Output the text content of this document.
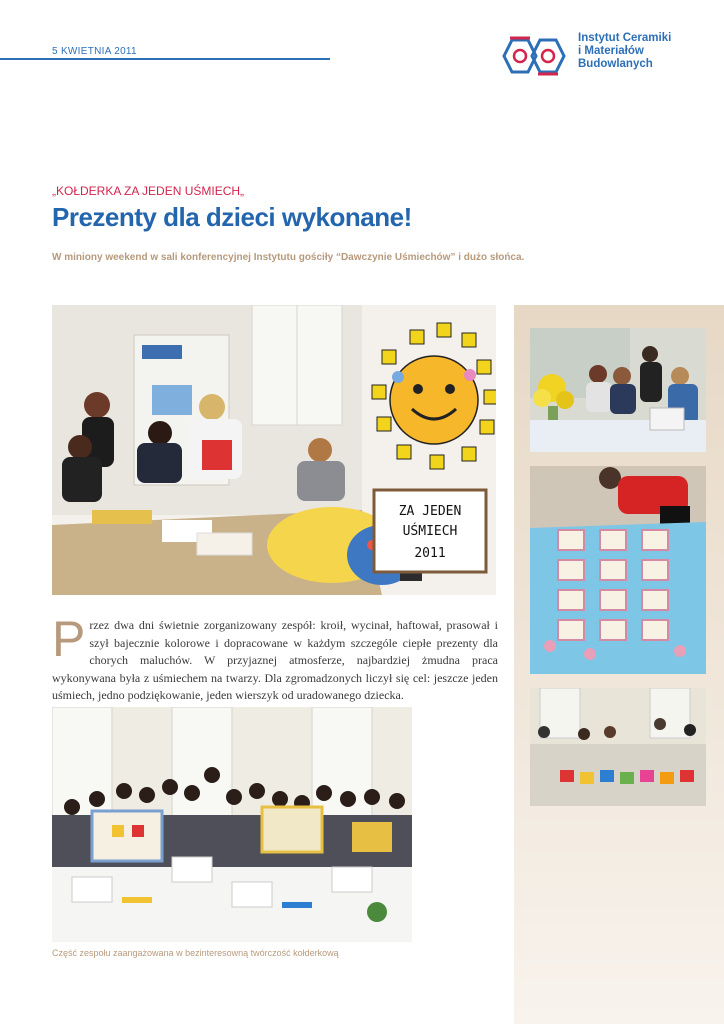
5 KWIETNIA 2011
Instytut Ceramiki
i Materiałów
Budowlanych
„KOŁDERKA ZA JEDEN UŚMIECH„
Prezenty dla dzieci wykonane!
W miniony weekend w sali konferencyjnej Instytutu gościły “Dawczynie Uśmiechów” i dużo słońca.
ZA JEDEN
UŚMIECH
2011
Przez dwa dni świetnie zorganizowany zespół: kroił, wycinał, haftował, prasował i szył bajecznie kolorowe i dopracowane w każdym szczególe ciepłe prezenty dla chorych maluchów. W przyjaznej atmosferze, najbardziej żmudna praca wykonywana była z uśmiechem na twarzy. Dla zgromadzonych liczył się cel: jeszcze jeden uśmiech, jedno podziękowanie, jeden wierszyk od uradowanego dziecka.
Część zespołu zaangażowana w bezinteresowną twórczość kołderkową
